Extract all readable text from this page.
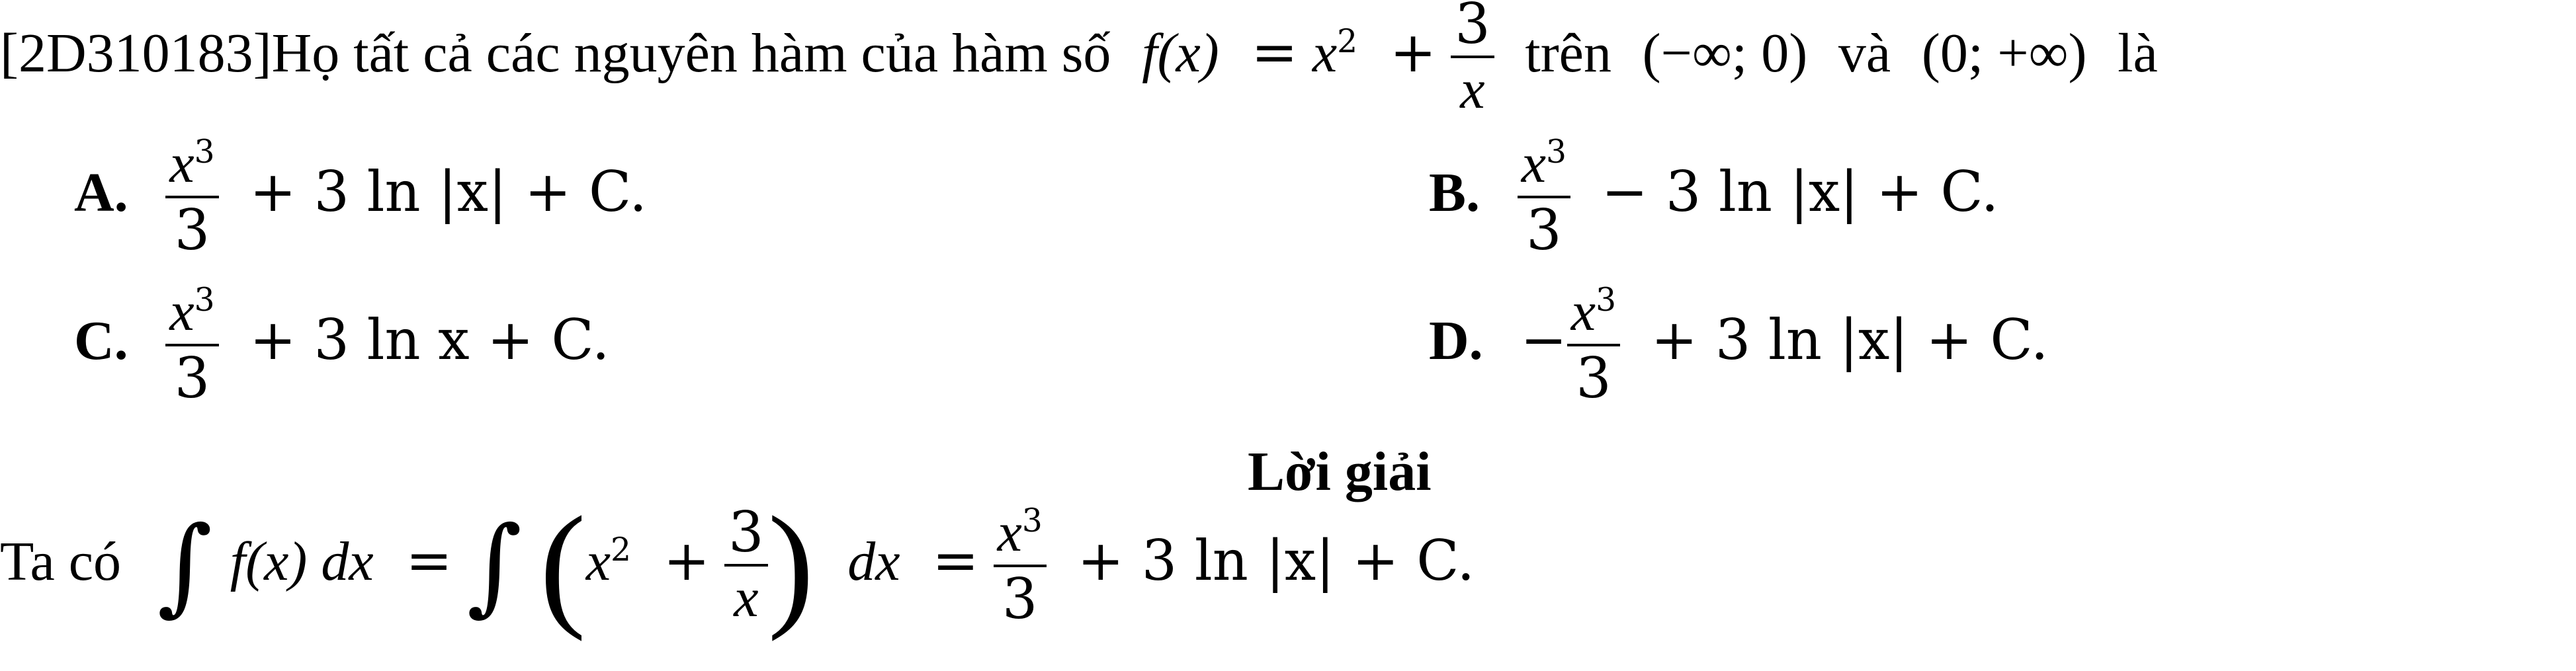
[2D310183]Họ tất cả các nguyên hàm của hàm số $f(x) = x^2 + \frac{3}{x}$ trên (−∞; 0) và (0; +∞) là
A. $\frac{x^3}{3} + 3$ ln |x| + C.	B. $\frac{x^3}{3} - 3$ ln |x| + C.
C. $\frac{x^3}{3} + 3$ ln x + C.	D. − $\frac{x^3}{3} + 3$ ln |x| + C.
Lời giải
Ta có ∫ f(x) dx = ∫ ($x^2 + \frac{3}{x}$ ) dx = $\frac{x^3}{3} + 3$ ln |x| + C.
